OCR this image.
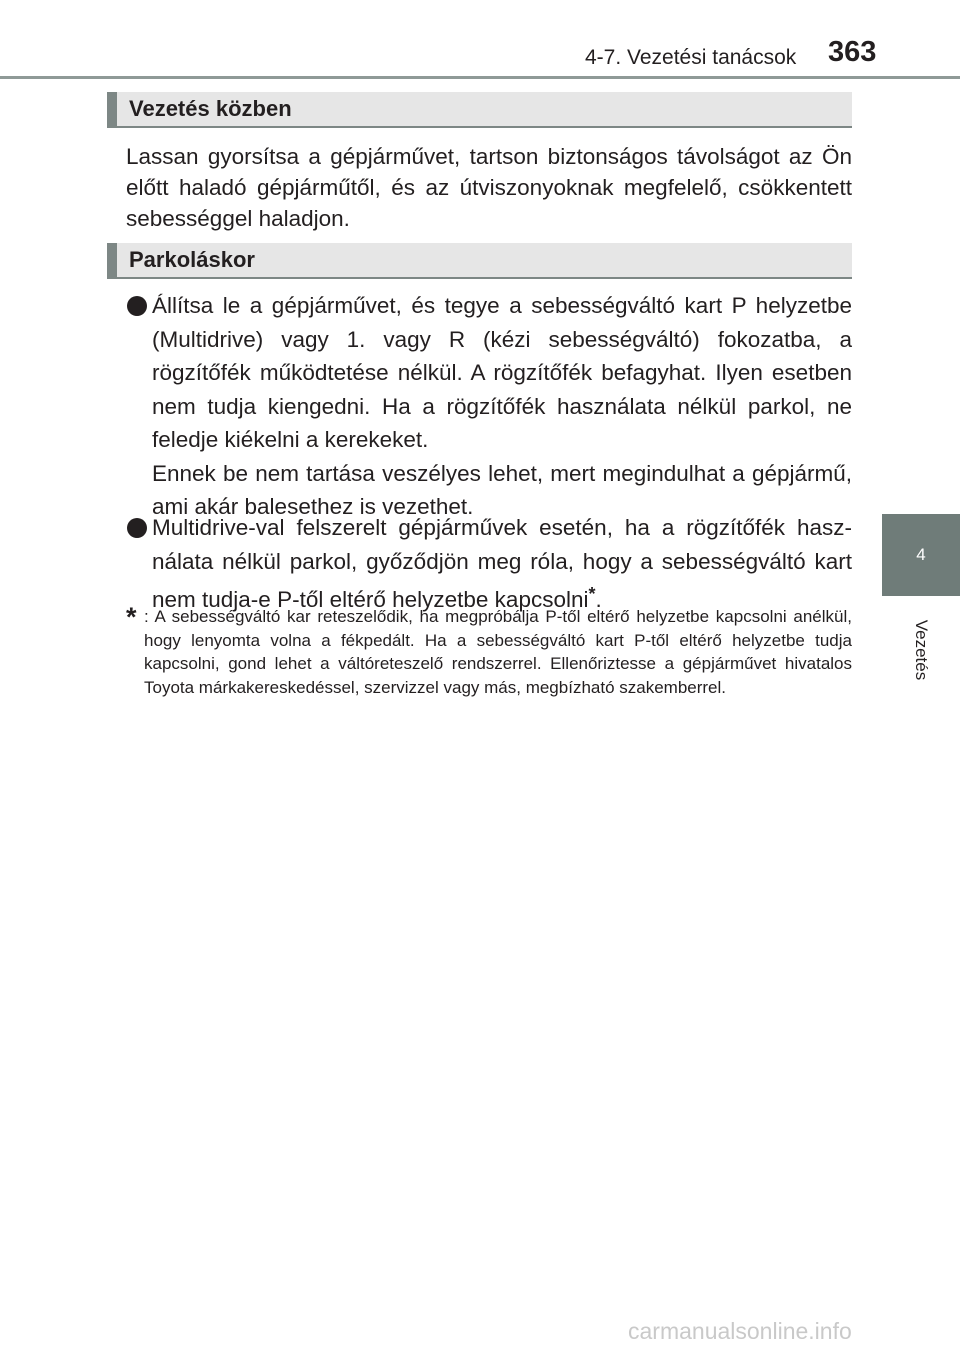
4-7. Vezetési tanácsok 363
4
Vezetés
Vezetés közben

Lassan gyorsítsa a gépjárművet, tartson biztonságos távolságot az Ön előtt haladó gépjárműtől, és az útviszonyoknak megfelelő, csökkentett sebességgel haladjon.

Parkoláskor

Állítsa le a gépjárművet, és tegye a sebességváltó kart P helyzetbe (Multidrive) vagy 1. vagy R (kézi sebességváltó) fokozatba, a rögzítőfék működtetése nélkül. A rögzítőfék befagyhat. Ilyen esetben nem tudja kiengedni. Ha a rögzítőfék használata nélkül parkol, ne feledje kiékelni a kerekeket.

Ennek be nem tartása veszélyes lehet, mert megindulhat a gépjármű, ami akár balesethez is vezethet.

Multidrive-val felszerelt gépjárművek esetén, ha a rögzítőfék használata nélkül parkol, győződjön meg róla, hogy a sebességváltó kart nem tudja-e P-től eltérő helyzetbe kapcsolni*.

* : A sebességváltó kar reteszelődik, ha megpróbálja P-től eltérő helyzetbe kapcsolni anélkül, hogy lenyomta volna a fékpedált. Ha a sebességváltó kart P-től eltérő helyzetbe tudja kapcsolni, gond lehet a váltóreteszelő rendszerrel. Ellenőriztesse a gépjárművet hivatalos Toyota márkakereskedéssel, szervizzel vagy más, megbízható szakemberrel.
carmanualsonline.info
